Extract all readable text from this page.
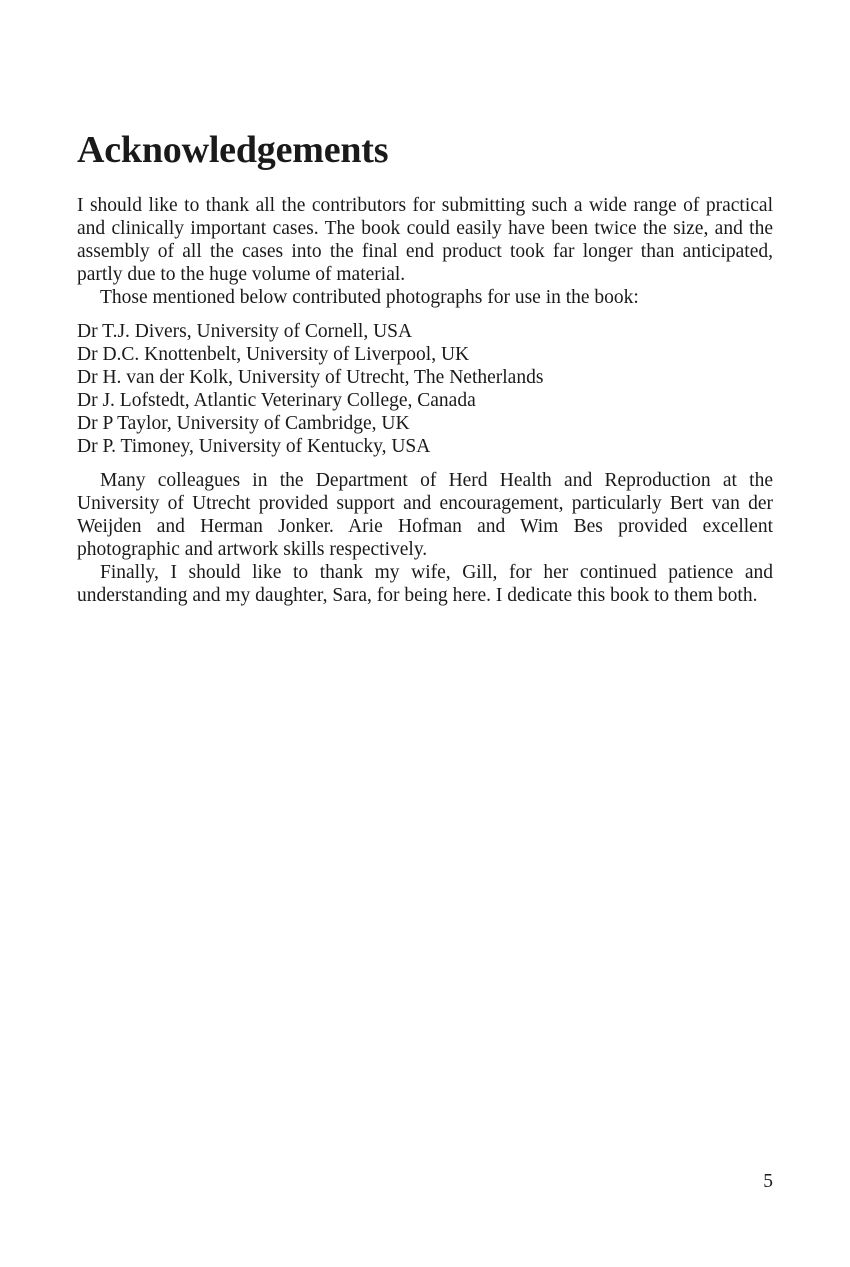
Acknowledgements

I should like to thank all the contributors for submitting such a wide range of practical and clinically important cases. The book could easily have been twice the size, and the assembly of all the cases into the final end product took far longer than anticipated, partly due to the huge volume of material.

Those mentioned below contributed photographs for use in the book:

Dr T.J. Divers, University of Cornell, USA
Dr D.C. Knottenbelt, University of Liverpool, UK
Dr H. van der Kolk, University of Utrecht, The Netherlands
Dr J. Lofstedt, Atlantic Veterinary College, Canada
Dr P Taylor, University of Cambridge, UK
Dr P. Timoney, University of Kentucky, USA

Many colleagues in the Department of Herd Health and Reproduction at the University of Utrecht provided support and encouragement, particularly Bert van der Weijden and Herman Jonker. Arie Hofman and Wim Bes provided excellent photographic and artwork skills respectively.

Finally, I should like to thank my wife, Gill, for her continued patience and understanding and my daughter, Sara, for being here. I dedicate this book to them both.

5
